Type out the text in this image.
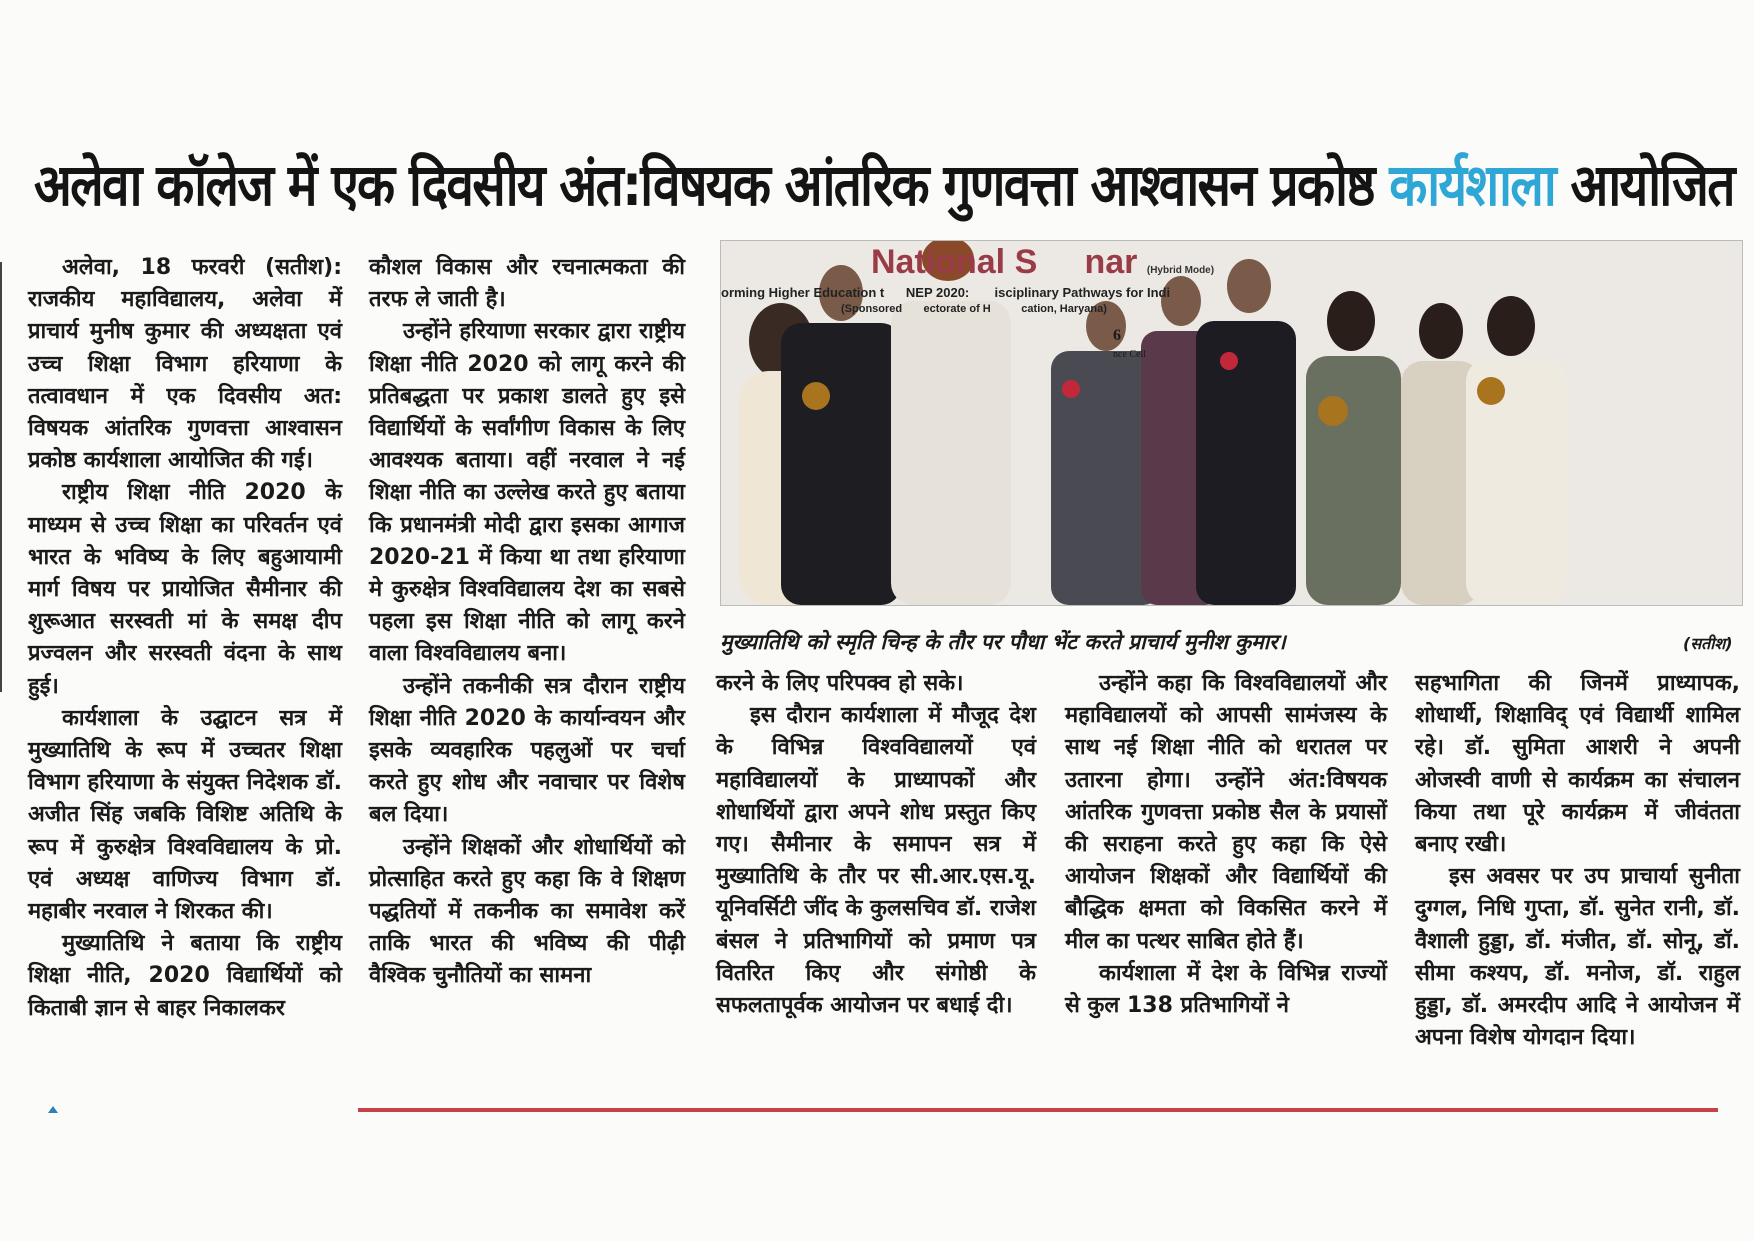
अलेवा कॉलेज में एक दिवसीय अंत:विषयक आंतरिक गुणवत्ता आश्वासन प्रकोष्ठ कार्यशाला आयोजित

अलेवा, 18 फरवरी (सतीश): राजकीय महाविद्यालय, अलेवा में प्राचार्य मुनीष कुमार की अध्यक्षता एवं उच्च शिक्षा विभाग हरियाणा के तत्वावधान में एक दिवसीय अत: विषयक आंतरिक गुणवत्ता आश्वासन प्रकोष्ठ कार्यशाला आयोजित की गई।

राष्ट्रीय शिक्षा नीति 2020 के माध्यम से उच्च शिक्षा का परिवर्तन एवं भारत के भविष्य के लिए बहुआयामी मार्ग विषय पर प्रायोजित सैमीनार की शुरूआत सरस्वती मां के समक्ष दीप प्रज्वलन और सरस्वती वंदना के साथ हुई।

कार्यशाला के उद्घाटन सत्र में मुख्यातिथि के रूप में उच्चतर शिक्षा विभाग हरियाणा के संयुक्त निदेशक डॉ. अजीत सिंह जबकि विशिष्ट अतिथि के रूप में कुरुक्षेत्र विश्वविद्यालय के प्रो. एवं अध्यक्ष वाणिज्य विभाग डॉ. महाबीर नरवाल ने शिरकत की।

मुख्यातिथि ने बताया कि राष्ट्रीय शिक्षा नीति, 2020 विद्यार्थियों को किताबी ज्ञान से बाहर निकालकर

कौशल विकास और रचनात्मकता की तरफ ले जाती है।

उन्होंने हरियाणा सरकार द्वारा राष्ट्रीय शिक्षा नीति 2020 को लागू करने की प्रतिबद्धता पर प्रकाश डालते हुए इसे विद्यार्थियों के सर्वांगीण विकास के लिए आवश्यक बताया। वहीं नरवाल ने नई शिक्षा नीति का उल्लेख करते हुए बताया कि प्रधानमंत्री मोदी द्वारा इसका आगाज 2020-21 में किया था तथा हरियाणा मे कुरुक्षेत्र विश्वविद्यालय देश का सबसे पहला इस शिक्षा नीति को लागू करने वाला विश्वविद्यालय बना।

उन्होंने तकनीकी सत्र दौरान राष्ट्रीय शिक्षा नीति 2020 के कार्यान्वयन और इसके व्यवहारिक पहलुओं पर चर्चा करते हुए शोध और नवाचार पर विशेष बल दिया।

उन्होंने शिक्षकों और शोधार्थियों को प्रोत्साहित करते हुए कहा कि वे शिक्षण पद्धतियों में तकनीक का समावेश करें ताकि भारत की भविष्य की पीढ़ी वैश्विक चुनौतियों का सामना

National S nar (Hybrid Mode)
orming Higher Education t      NEP 2020:       isciplinary Pathways for Indi
(Sponsored       ectorate of H          cation, Haryana)
6
nce Cell
मुख्यातिथि को स्मृति चिन्ह के तौर पर पौधा भेंट करते प्राचार्य मुनीश कुमार।	(सतीश)

करने के लिए परिपक्व हो सके।

इस दौरान कार्यशाला में मौजूद देश के विभिन्न विश्वविद्यालयों एवं महाविद्यालयों के प्राध्यापकों और शोधार्थियों द्वारा अपने शोध प्रस्तुत किए गए। सैमीनार के समापन सत्र में मुख्यातिथि के तौर पर सी.आर.एस.यू. यूनिवर्सिटी जींद के कुलसचिव डॉ. राजेश बंसल ने प्रतिभागियों को प्रमाण पत्र वितरित किए और संगोष्ठी के सफलतापूर्वक आयोजन पर बधाई दी।

उन्होंने कहा कि विश्वविद्यालयों और महाविद्यालयों को आपसी सामंजस्य के साथ नई शिक्षा नीति को धरातल पर उतारना होगा। उन्होंने अंत:विषयक आंतरिक गुणवत्ता प्रकोष्ठ सैल के प्रयासों की सराहना करते हुए कहा कि ऐसे आयोजन शिक्षकों और विद्यार्थियों की बौद्धिक क्षमता को विकसित करने में मील का पत्थर साबित होते हैं।

कार्यशाला में देश के विभिन्न राज्यों से कुल 138 प्रतिभागियों ने

सहभागिता की जिनमें प्राध्यापक, शोधार्थी, शिक्षाविद् एवं विद्यार्थी शामिल रहे। डॉ. सुमिता आशरी ने अपनी ओजस्वी वाणी से कार्यक्रम का संचालन किया तथा पूरे कार्यक्रम में जीवंतता बनाए रखी।

इस अवसर पर उप प्राचार्या सुनीता दुग्गल, निधि गुप्ता, डॉ. सुनेत रानी, डॉ. वैशाली हुड्डा, डॉ. मंजीत, डॉ. सोनू, डॉ. सीमा कश्यप, डॉ. मनोज, डॉ. राहुल हुड्डा, डॉ. अमरदीप आदि ने आयोजन में अपना विशेष योगदान दिया।
